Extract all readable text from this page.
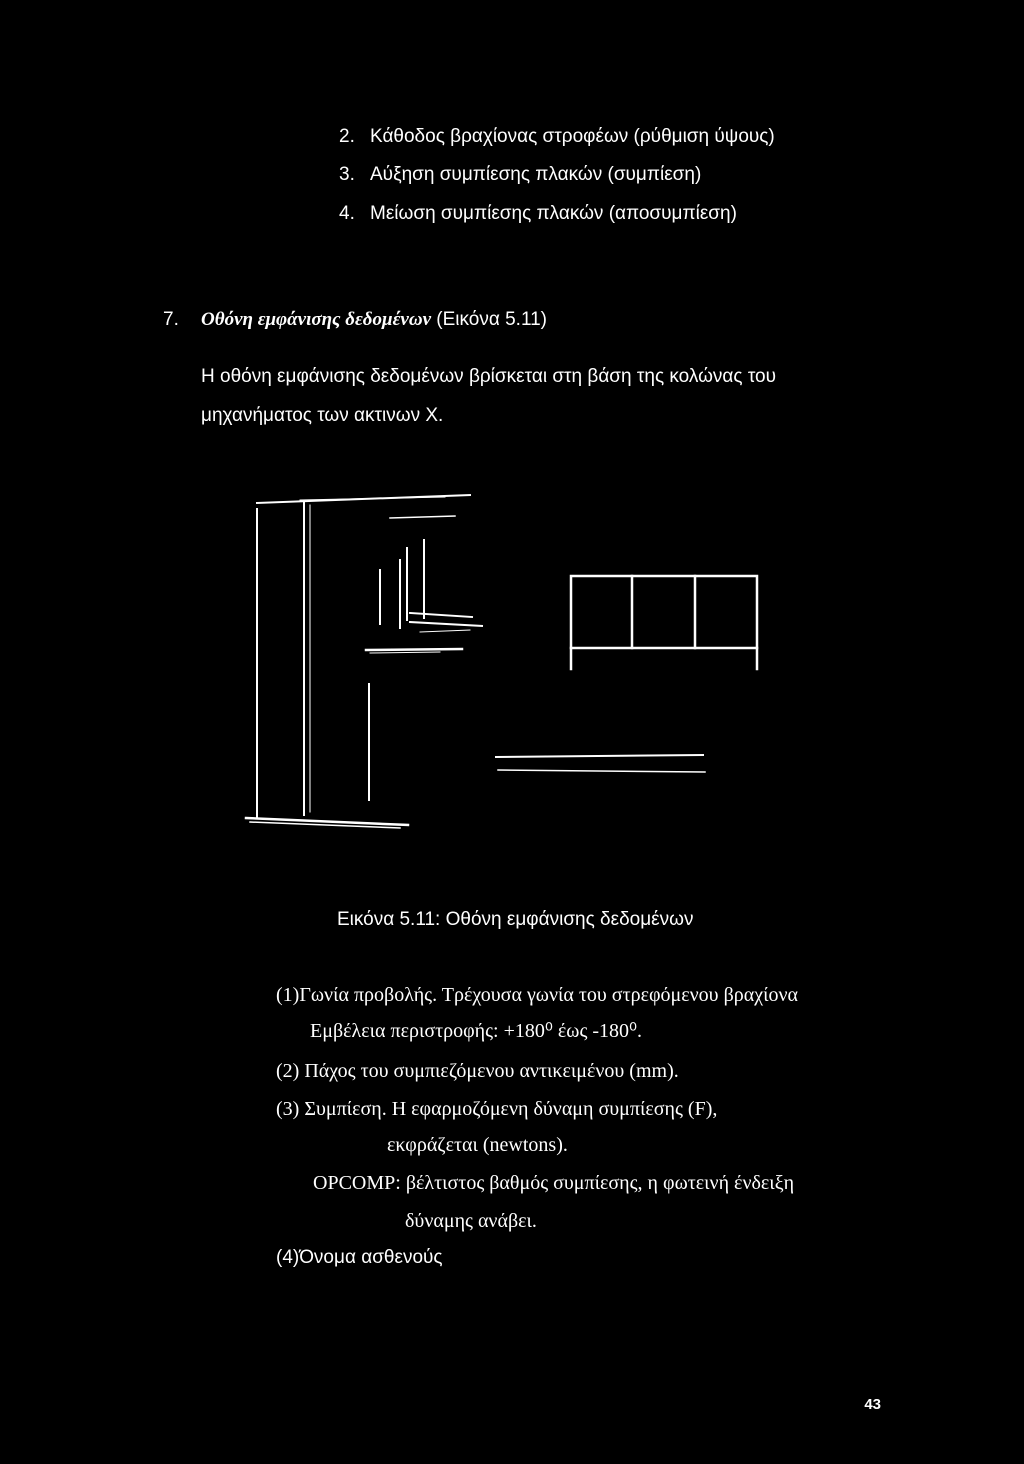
2. Κάθοδος βραχίονας στροφέων (ρύθμιση ύψους)
3. Αύξηση συμπίεσης πλακών (συμπίεση)
4. Μείωση συμπίεσης πλακών (αποσυμπίεση)
7. Οθόνη εμφάνισης δεδομένων (Εικόνα 5.11)
Η οθόνη εμφάνισης δεδομένων βρίσκεται στη βάση της κολώνας του
μηχανήματος των ακτινων Χ.
Εικόνα 5.11: Οθόνη εμφάνισης δεδομένων
(1)Γωνία προβολής. Τρέχουσα γωνία του στρεφόμενου βραχίονα
Εμβέλεια περιστροφής: +180⁰ έως -180⁰.
(2) Πάχος του συμπιεζόμενου αντικειμένου (mm).
(3) Συμπίεση. Η εφαρμοζόμενη δύναμη συμπίεσης (F),
εκφράζεται (newtons).
OPCOMP: βέλτιστος βαθμός συμπίεσης, η φωτεινή ένδειξη
δύναμης ανάβει.
(4)Όνομα ασθενούς
43
